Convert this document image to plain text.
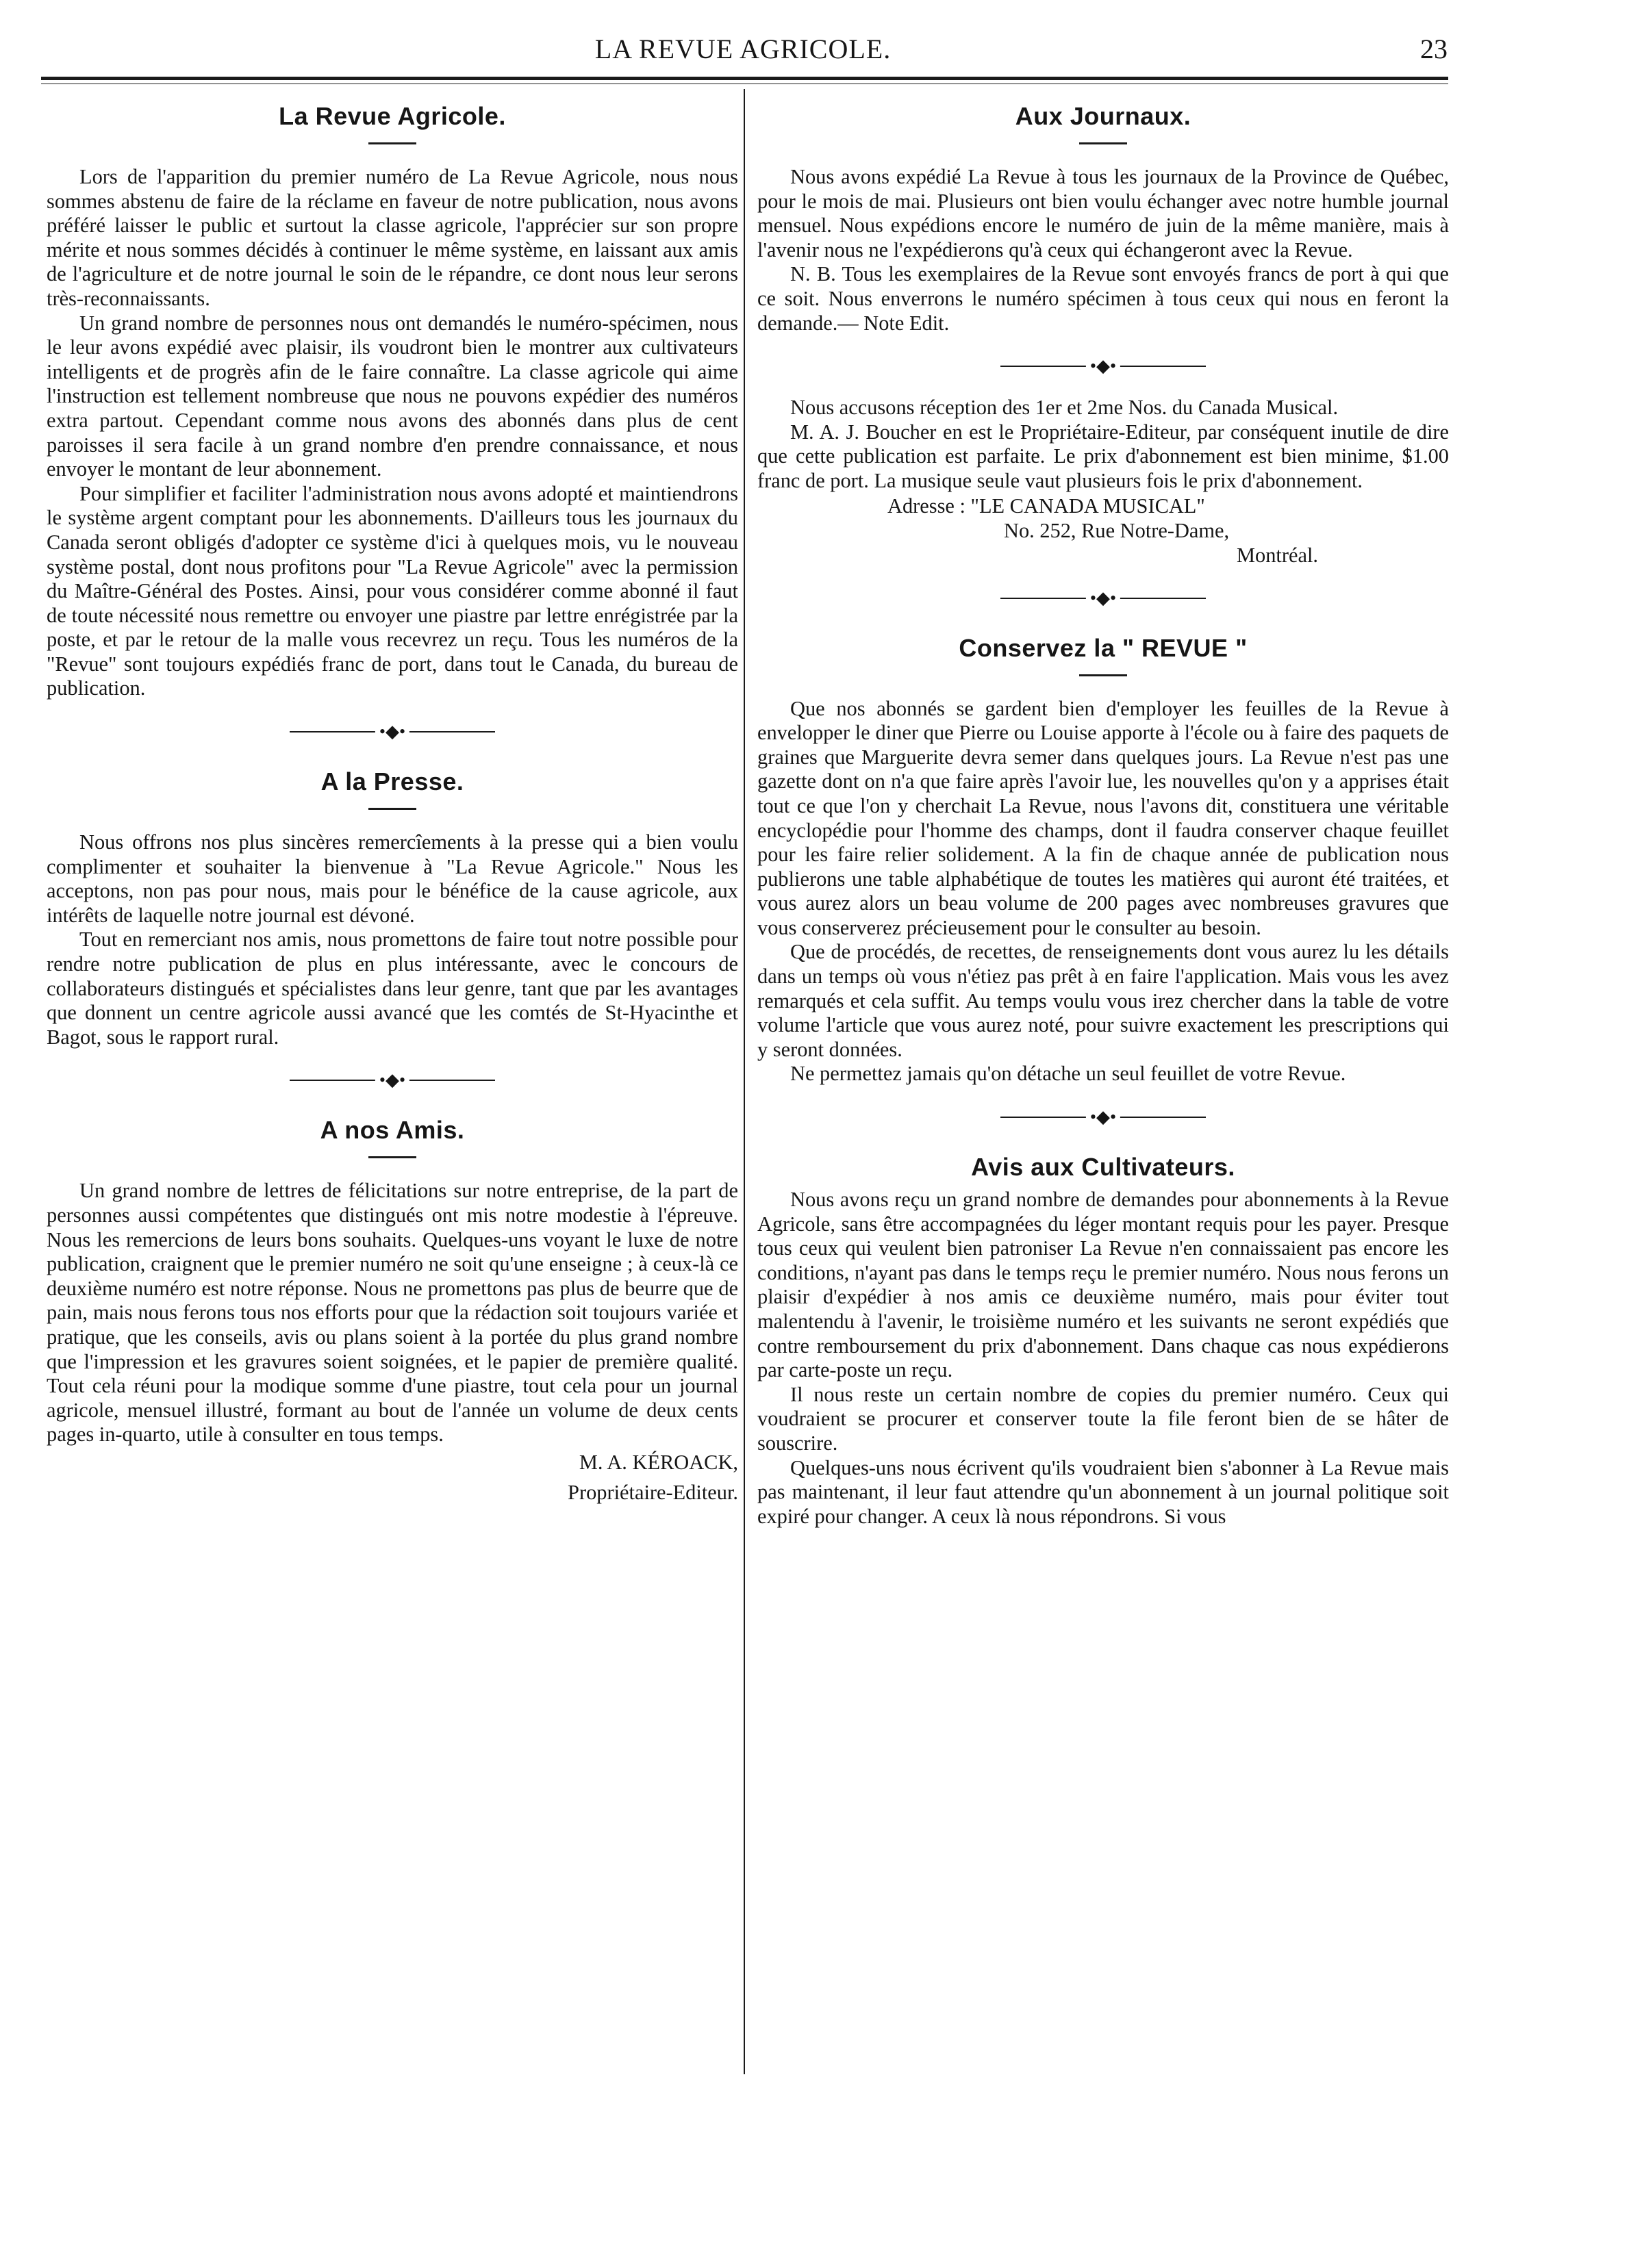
LA REVUE AGRICOLE.	23
La Revue Agricole.

Lors de l'apparition du premier numéro de La Revue Agricole, nous nous sommes abstenu de faire de la réclame en faveur de notre publication, nous avons préféré laisser le public et surtout la classe agricole, l'apprécier sur son propre mérite et nous sommes décidés à continuer le même système, en laissant aux amis de l'agriculture et de notre journal le soin de le répandre, ce dont nous leur serons très-reconnaissants.

Un grand nombre de personnes nous ont demandés le numéro-spécimen, nous le leur avons expédié avec plaisir, ils voudront bien le montrer aux cultivateurs intelligents et de progrès afin de le faire connaître. La classe agricole qui aime l'instruction est tellement nombreuse que nous ne pouvons expédier des numéros extra partout. Cependant comme nous avons des abonnés dans plus de cent paroisses il sera facile à un grand nombre d'en prendre connaissance, et nous envoyer le montant de leur abonnement.

Pour simplifier et faciliter l'administration nous avons adopté et maintiendrons le système argent comptant pour les abonnements. D'ailleurs tous les journaux du Canada seront obligés d'adopter ce système d'ici à quelques mois, vu le nouveau système postal, dont nous profitons pour "La Revue Agricole" avec la permission du Maître-Général des Postes. Ainsi, pour vous considérer comme abonné il faut de toute nécessité nous remettre ou envoyer une piastre par lettre enrégistrée par la poste, et par le retour de la malle vous recevrez un reçu. Tous les numéros de la "Revue" sont toujours expédiés franc de port, dans tout le Canada, du bureau de publication.

•◆•
A la Presse.

Nous offrons nos plus sincères remercîements à la presse qui a bien voulu complimenter et souhaiter la bienvenue à "La Revue Agricole." Nous les acceptons, non pas pour nous, mais pour le bénéfice de la cause agricole, aux intérêts de laquelle notre journal est dévoné.

Tout en remerciant nos amis, nous promettons de faire tout notre possible pour rendre notre publication de plus en plus intéressante, avec le concours de collaborateurs distingués et spécialistes dans leur genre, tant que par les avantages que donnent un centre agricole aussi avancé que les comtés de St-Hyacinthe et Bagot, sous le rapport rural.

•◆•
A nos Amis.

Un grand nombre de lettres de félicitations sur notre entreprise, de la part de personnes aussi compétentes que distingués ont mis notre modestie à l'épreuve. Nous les remercions de leurs bons souhaits. Quelques-uns voyant le luxe de notre publication, craignent que le premier numéro ne soit qu'une enseigne ; à ceux-là ce deuxième numéro est notre réponse. Nous ne promettons pas plus de beurre que de pain, mais nous ferons tous nos efforts pour que la rédaction soit toujours variée et pratique, que les conseils, avis ou plans soient à la portée du plus grand nombre que l'impression et les gravures soient soignées, et le papier de première qualité. Tout cela réuni pour la modique somme d'une piastre, tout cela pour un journal agricole, mensuel illustré, formant au bout de l'année un volume de deux cents pages in-quarto, utile à consulter en tous temps.

M. A. KÉROACK,

Propriétaire-Editeur.

Aux Journaux.

Nous avons expédié La Revue à tous les journaux de la Province de Québec, pour le mois de mai. Plusieurs ont bien voulu échanger avec notre humble journal mensuel. Nous expédions encore le numéro de juin de la même manière, mais à l'avenir nous ne l'expédierons qu'à ceux qui échangeront avec la Revue.

N. B. Tous les exemplaires de la Revue sont envoyés francs de port à qui que ce soit. Nous enverrons le numéro spécimen à tous ceux qui nous en feront la demande.— Note Edit.

•◆•

Nous accusons réception des 1er et 2me Nos. du Canada Musical.

M. A. J. Boucher en est le Propriétaire-Editeur, par conséquent inutile de dire que cette publication est parfaite. Le prix d'abonnement est bien minime, $1.00 franc de port. La musique seule vaut plusieurs fois le prix d'abonnement.

Adresse : "LE CANADA MUSICAL"

No. 252, Rue Notre-Dame,

Montréal.

•◆•
Conservez la " REVUE "

Que nos abonnés se gardent bien d'employer les feuilles de la Revue à envelopper le diner que Pierre ou Louise apporte à l'école ou à faire des paquets de graines que Marguerite devra semer dans quelques jours. La Revue n'est pas une gazette dont on n'a que faire après l'avoir lue, les nouvelles qu'on y a apprises était tout ce que l'on y cherchait La Revue, nous l'avons dit, constituera une véritable encyclopédie pour l'homme des champs, dont il faudra conserver chaque feuillet pour les faire relier solidement. A la fin de chaque année de publication nous publierons une table alphabétique de toutes les matières qui auront été traitées, et vous aurez alors un beau volume de 200 pages avec nombreuses gravures que vous conserverez précieusement pour le consulter au besoin.

Que de procédés, de recettes, de renseignements dont vous aurez lu les détails dans un temps où vous n'étiez pas prêt à en faire l'application. Mais vous les avez remarqués et cela suffit. Au temps voulu vous irez chercher dans la table de votre volume l'article que vous aurez noté, pour suivre exactement les prescriptions qui y seront données.

Ne permettez jamais qu'on détache un seul feuillet de votre Revue.

•◆•
Avis aux Cultivateurs.

Nous avons reçu un grand nombre de demandes pour abonnements à la Revue Agricole, sans être accompagnées du léger montant requis pour les payer. Presque tous ceux qui veulent bien patroniser La Revue n'en connaissaient pas encore les conditions, n'ayant pas dans le temps reçu le premier numéro. Nous nous ferons un plaisir d'expédier à nos amis ce deuxième numéro, mais pour éviter tout malentendu à l'avenir, le troisième numéro et les suivants ne seront expédiés que contre remboursement du prix d'abonnement. Dans chaque cas nous expédierons par carte-poste un reçu.

Il nous reste un certain nombre de copies du premier numéro. Ceux qui voudraient se procurer et conserver toute la file feront bien de se hâter de souscrire.

Quelques-uns nous écrivent qu'ils voudraient bien s'abonner à La Revue mais pas maintenant, il leur faut attendre qu'un abonnement à un journal politique soit expiré pour changer. A ceux là nous répondrons. Si vous
